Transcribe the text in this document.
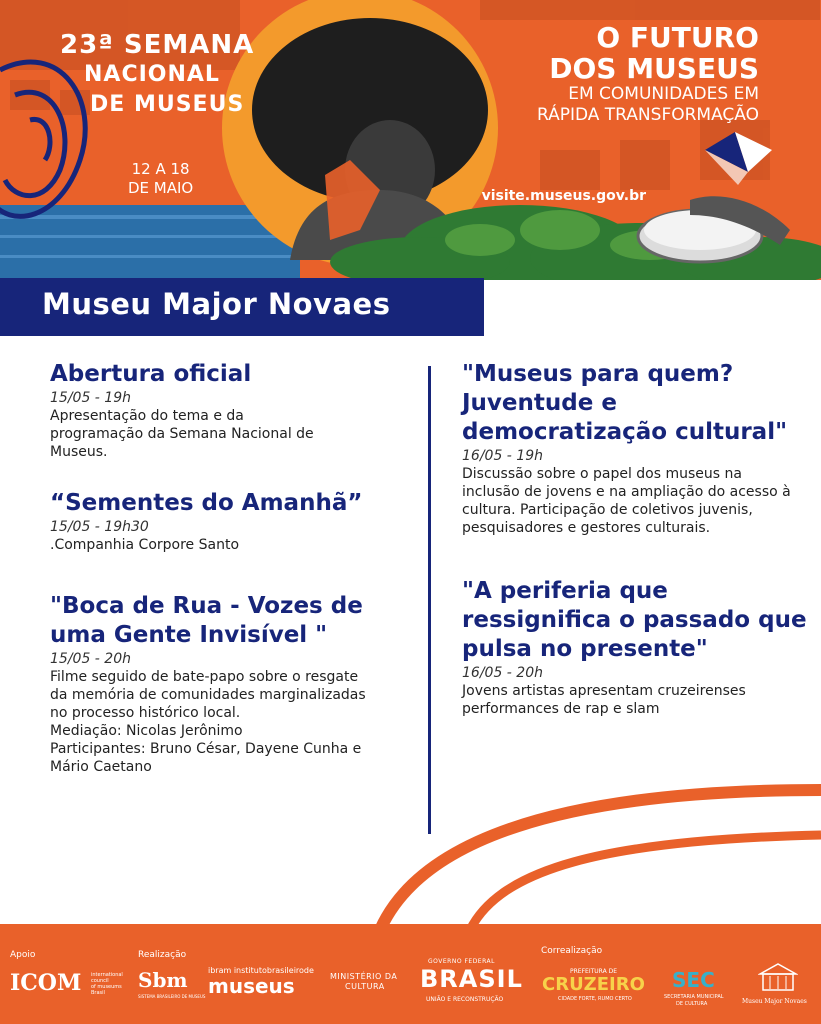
23ª SEMANA
NACIONAL
DE MUSEUS
12 A 18
DE MAIO
O FUTURO
DOS MUSEUS
EM COMUNIDADES EM
RÁPIDA TRANSFORMAÇÃO
visite.museus.gov.br
Museu Major Novaes
Abertura oficial
15/05 - 19h
Apresentação do tema e da
programação da Semana Nacional de
Museus.
“Sementes do Amanhã”
15/05 - 19h30
.Companhia Corpore Santo
"Boca de Rua - Vozes de
uma Gente Invisível "
15/05 - 20h
Filme seguido de bate-papo sobre o resgate
da memória de comunidades marginalizadas
no processo histórico local.
Mediação: Nicolas Jerônimo
Participantes: Bruno César, Dayene Cunha e
Mário Caetano
"Museus para quem?
Juventude e
democratização cultural"
16/05 - 19h
Discussão sobre o papel dos museus na
inclusão de jovens e na ampliação do acesso à
cultura. Participação de coletivos juvenis,
pesquisadores e gestores culturais.
"A periferia que
ressignifica o passado que
pulsa no presente"
16/05 - 20h
Jovens artistas apresentam cruzeirenses
performances de rap e slam
Apoio	Realização	Correalização
ICOM international
council
of museums
Brasil
Sbm
SISTEMA BRASILEIRO DE MUSEUS
ibram institutobrasileirode
museus	MINISTÉRIO DA
CULTURA
GOVERNO FEDERAL
BRASIL
UNIÃO E RECONSTRUÇÃO
PREFEITURA DE
CRUZEIRO
CIDADE FORTE, RUMO CERTO
SEC
SECRETARIA MUNICIPAL
DE CULTURA	Museu Major Novaes
